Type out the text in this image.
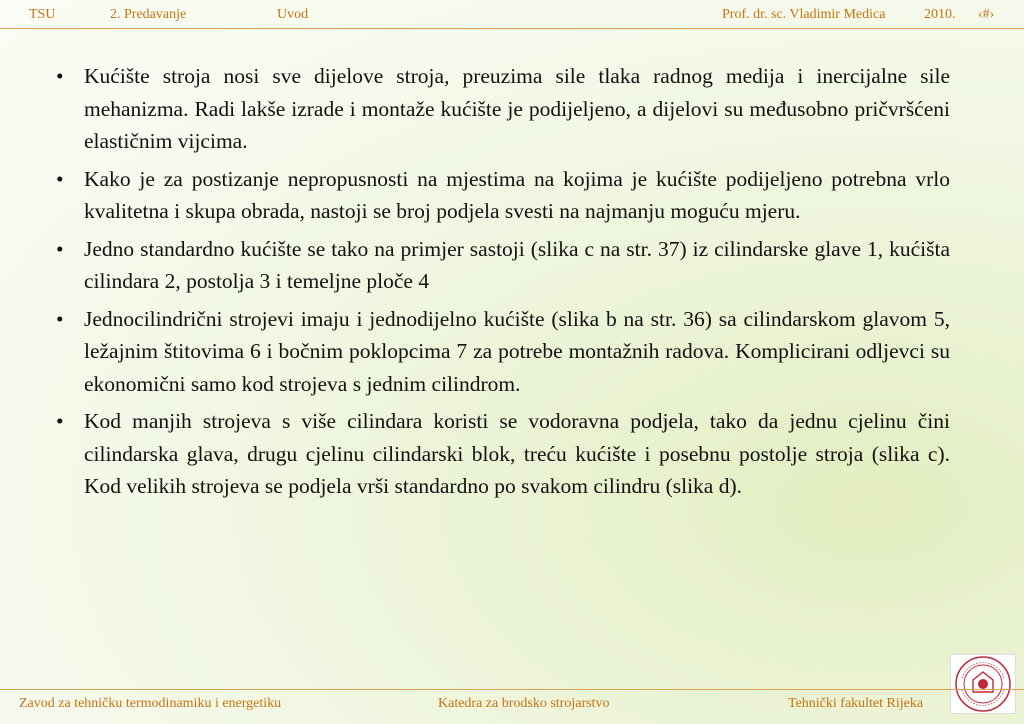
TSU	2. Predavanje	Uvod	Prof. dr. sc. Vladimir Medica	2010. ‹#›
• Kućište stroja nosi sve dijelove stroja, preuzima sile tlaka radnog medija i inercijalne sile mehanizma. Radi lakše izrade i montaže kućište je podijeljeno, a dijelovi su međusobno pričvršćeni elastičnim vijcima.
• Kako je za postizanje nepropusnosti na mjestima na kojima je kućište podijeljeno potrebna vrlo kvalitetna i skupa obrada, nastoji se broj podjela svesti na najmanju moguću mjeru.
• Jedno standardno kućište se tako na primjer sastoji (slika c na str. 37) iz cilindarske glave 1, kućišta cilindara 2, postolja 3 i temeljne ploče 4
• Jednocilindrični strojevi imaju i jednodijelno kućište (slika b na str. 36) sa cilindarskom glavom 5, ležajnim štitovima 6 i bočnim poklopcima 7 za potrebe montažnih radova. Komplicirani odljevci su ekonomični samo kod strojeva s jednim cilindrom.
• Kod manjih strojeva s više cilindara koristi se vodoravna podjela, tako da jednu cjelinu čini cilindarska glava, drugu cjelinu cilindarski blok, treću kućište i posebnu postolje stroja (slika c). Kod velikih strojeva se podjela vrši standardno po svakom cilindru (slika d).
Zavod za tehničku termodinamiku i energetiku	Katedra za brodsko strojarstvo	Tehnički fakultet Rijeka
